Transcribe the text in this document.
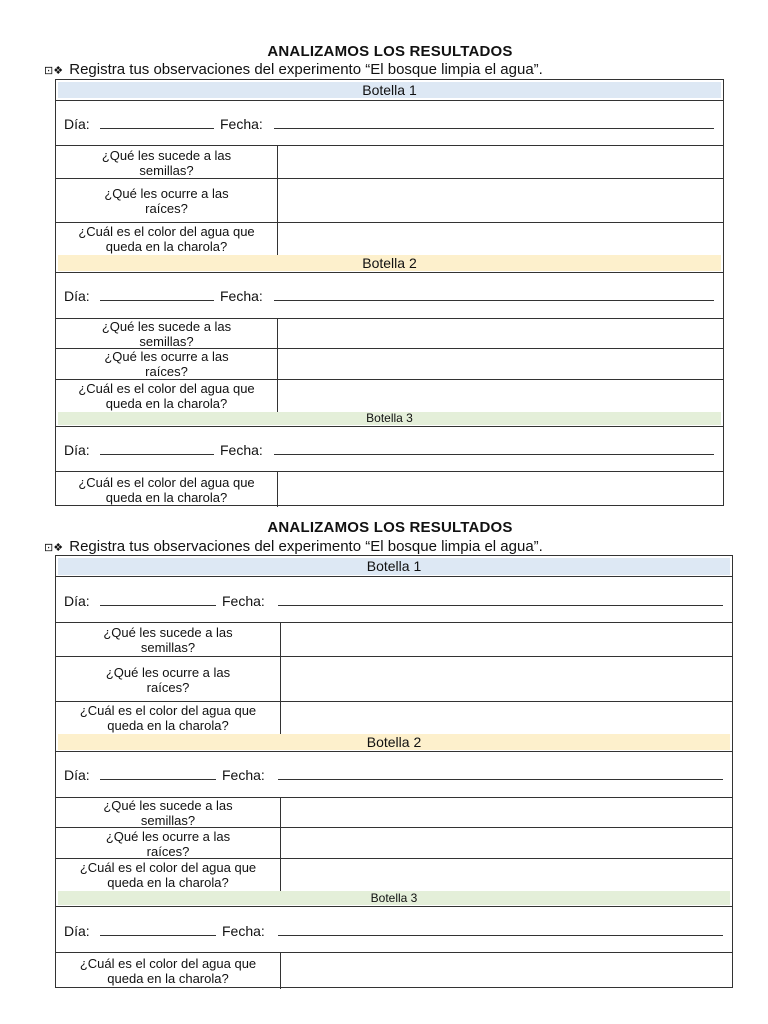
ANALIZAMOS LOS RESULTADOS
⊡❖ Registra tus observaciones del experimento “El bosque limpia el agua”.
Botella 1
Día:	Fecha:
¿Qué les sucede a las semillas?
¿Qué les ocurre a las raíces?
¿Cuál es el color del agua que queda en la charola?
Botella 2
Día:	Fecha:
¿Qué les sucede a las semillas?
¿Qué les ocurre a las raíces?
¿Cuál es el color del agua que queda en la charola?
Botella 3
Día:	Fecha:
¿Cuál es el color del agua que queda en la charola?
ANALIZAMOS LOS RESULTADOS
⊡❖ Registra tus observaciones del experimento “El bosque limpia el agua”.
Botella 1
Día:	Fecha:
¿Qué les sucede a las semillas?
¿Qué les ocurre a las raíces?
¿Cuál es el color del agua que queda en la charola?
Botella 2
Día:	Fecha:
¿Qué les sucede a las semillas?
¿Qué les ocurre a las raíces?
¿Cuál es el color del agua que queda en la charola?
Botella 3
Día:	Fecha:
¿Cuál es el color del agua que queda en la charola?
